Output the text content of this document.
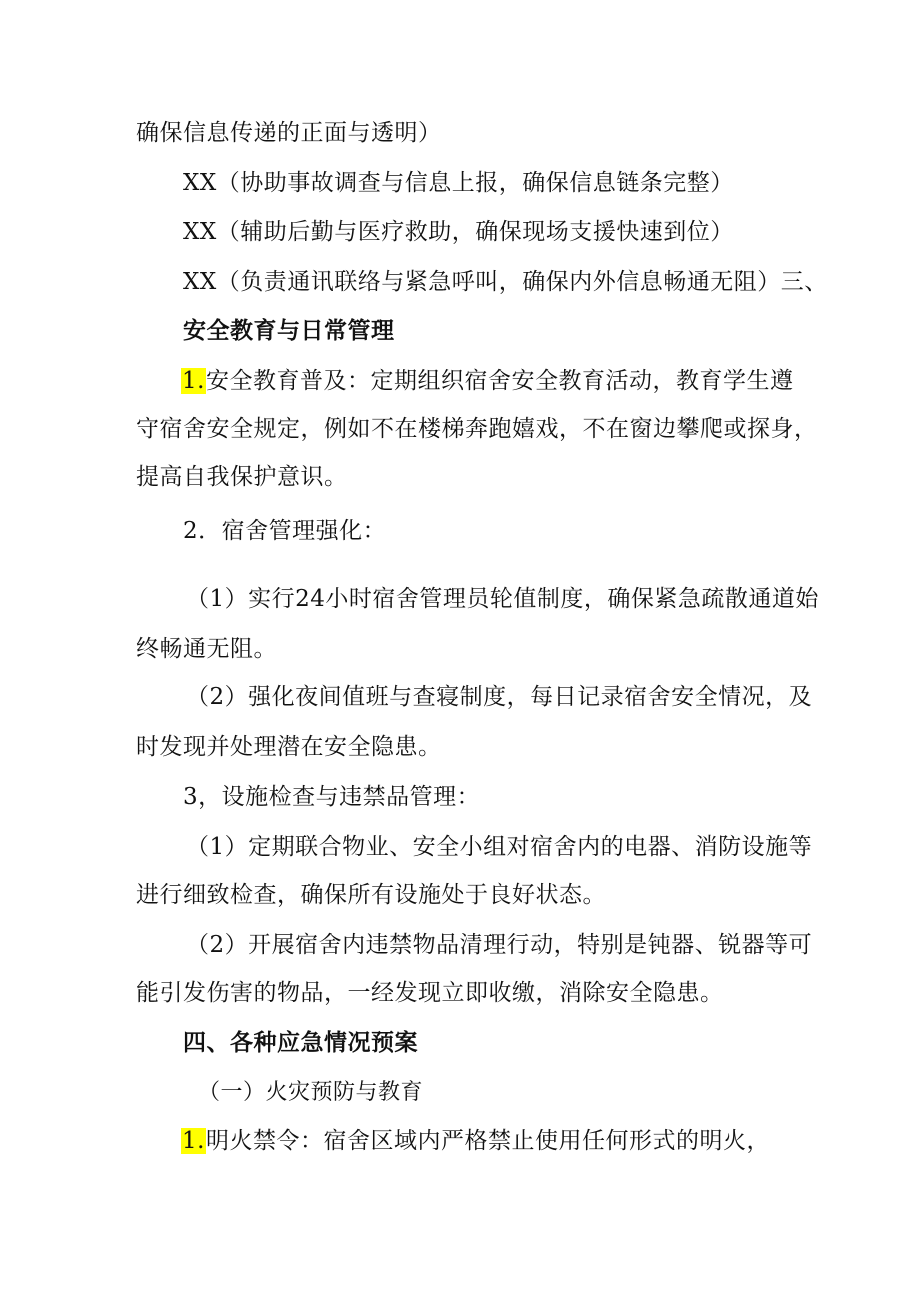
确保信息传递的正面与透明）
XX（协助事故调查与信息上报，确保信息链条完整）
XX（辅助后勤与医疗救助，确保现场支援快速到位）
XX（负责通讯联络与紧急呼叫，确保内外信息畅通无阻）三、
安全教育与日常管理
1.安全教育普及：定期组织宿舍安全教育活动，教育学生遵
守宿舍安全规定，例如不在楼梯奔跑嬉戏，不在窗边攀爬或探身，
提高自我保护意识。
2．宿舍管理强化：
（1）实行24小时宿舍管理员轮值制度，确保紧急疏散通道始
终畅通无阻。
（2）强化夜间值班与查寝制度，每日记录宿舍安全情况，及
时发现并处理潜在安全隐患。
3，设施检查与违禁品管理：
（1）定期联合物业、安全小组对宿舍内的电器、消防设施等
进行细致检查，确保所有设施处于良好状态。
（2）开展宿舍内违禁物品清理行动，特别是钝器、锐器等可
能引发伤害的物品，一经发现立即收缴，消除安全隐患。
四、各种应急情况预案
（一）火灾预防与教育
1.明火禁令：宿舍区域内严格禁止使用任何形式的明火，
